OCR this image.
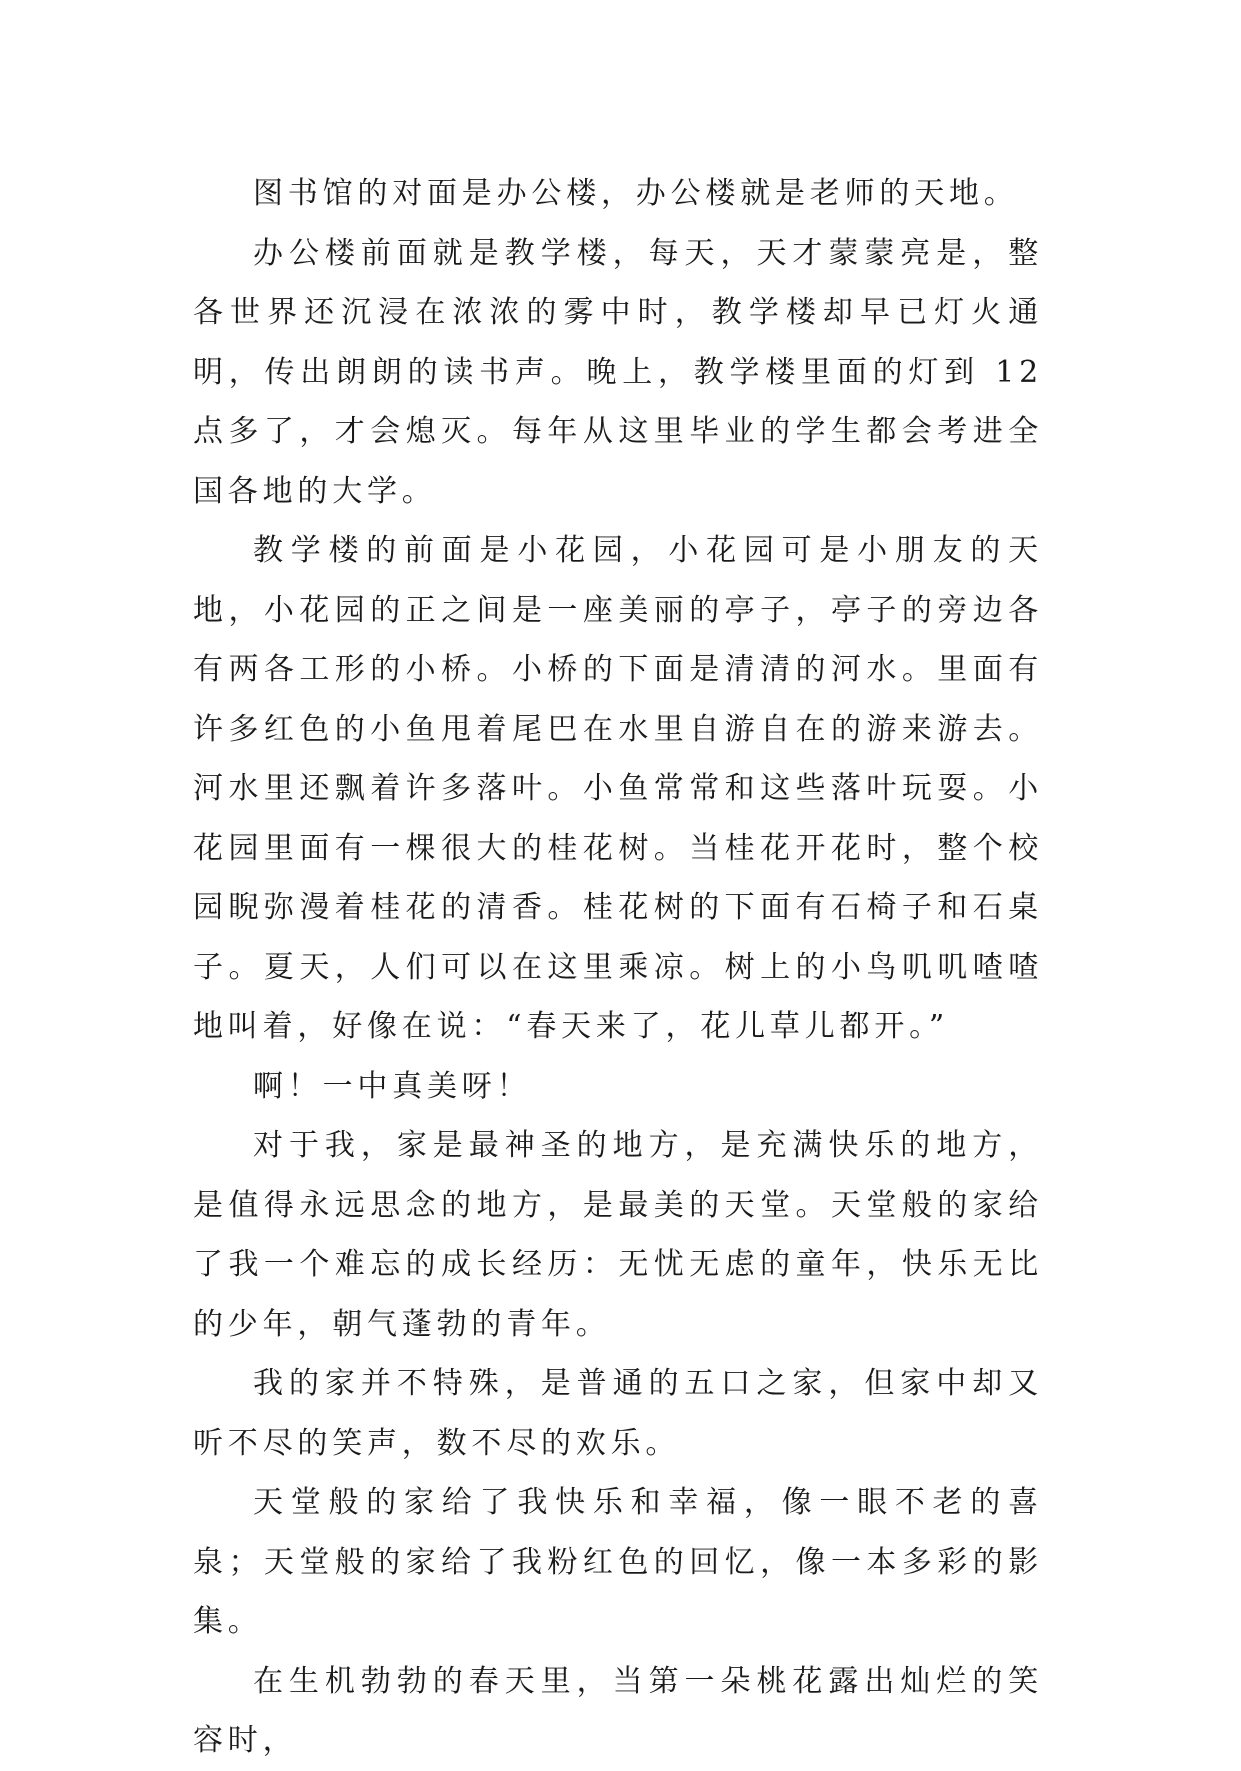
图书馆的对面是办公楼，办公楼就是老师的天地。

办公楼前面就是教学楼，每天，天才蒙蒙亮是，整各世界还沉浸在浓浓的雾中时，教学楼却早已灯火通明，传出朗朗的读书声。晚上，教学楼里面的灯到 12 点多了，才会熄灭。每年从这里毕业的学生都会考进全国各地的大学。

教学楼的前面是小花园，小花园可是小朋友的天地，小花园的正之间是一座美丽的亭子，亭子的旁边各有两各工形的小桥。小桥的下面是清清的河水。里面有许多红色的小鱼甩着尾巴在水里自游自在的游来游去。河水里还飘着许多落叶。小鱼常常和这些落叶玩耍。小花园里面有一棵很大的桂花树。当桂花开花时，整个校园睨弥漫着桂花的清香。桂花树的下面有石椅子和石桌子。夏天，人们可以在这里乘凉。树上的小鸟叽叽喳喳地叫着，好像在说：“春天来了，花儿草儿都开。”

啊！一中真美呀！

对于我，家是最神圣的地方，是充满快乐的地方，是值得永远思念的地方，是最美的天堂。天堂般的家给了我一个难忘的成长经历：无忧无虑的童年，快乐无比的少年，朝气蓬勃的青年。

我的家并不特殊，是普通的五口之家，但家中却又听不尽的笑声，数不尽的欢乐。

天堂般的家给了我快乐和幸福，像一眼不老的喜泉；天堂般的家给了我粉红色的回忆，像一本多彩的影集。

在生机勃勃的春天里，当第一朵桃花露出灿烂的笑容时，
